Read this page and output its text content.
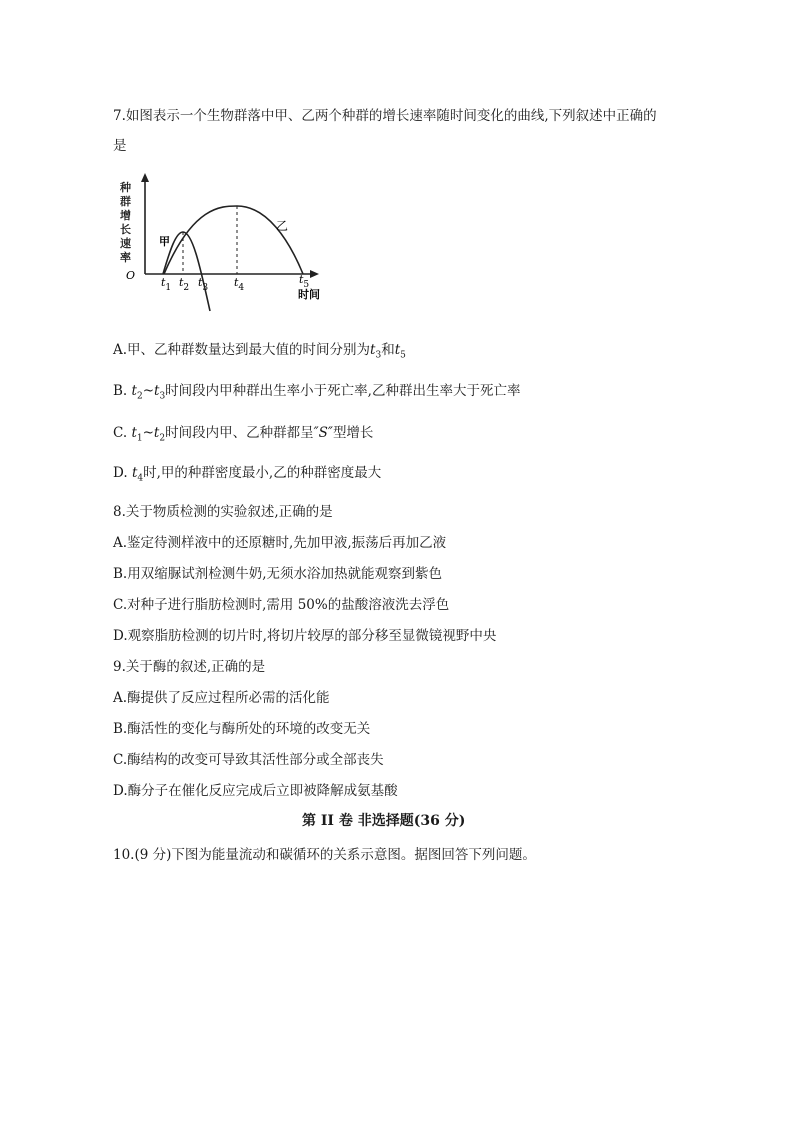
7.如图表示一个生物群落中甲、乙两个种群的增长速率随时间变化的曲线,下列叙述中正确的
是
种
群
增
长
速
率
O
甲
乙
$t_1$ $t_2$ $t_3$ $t_4$
$t_5$
时间
A.甲、乙种群数量达到最大值的时间分别为$t_3$和$t_5$
B. $t_2\sim t_3$时间段内甲种群出生率小于死亡率,乙种群出生率大于死亡率
C. $t_1\sim t_2$时间段内甲、乙种群都呈″S″型增长
D. $t_4$时,甲的种群密度最小,乙的种群密度最大
8.关于物质检测的实验叙述,正确的是
A.鉴定待测样液中的还原糖时,先加甲液,振荡后再加乙液
B.用双缩脲试剂检测牛奶,无须水浴加热就能观察到紫色
C.对种子进行脂肪检测时,需用 50%的盐酸溶液洗去浮色
D.观察脂肪检测的切片时,将切片较厚的部分移至显微镜视野中央
9.关于酶的叙述,正确的是
A.酶提供了反应过程所必需的活化能
B.酶活性的变化与酶所处的环境的改变无关
C.酶结构的改变可导致其活性部分或全部丧失
D.酶分子在催化反应完成后立即被降解成氨基酸
第 II 卷 非选择题(36 分)
10.(9 分)下图为能量流动和碳循环的关系示意图。据图回答下列问题。
